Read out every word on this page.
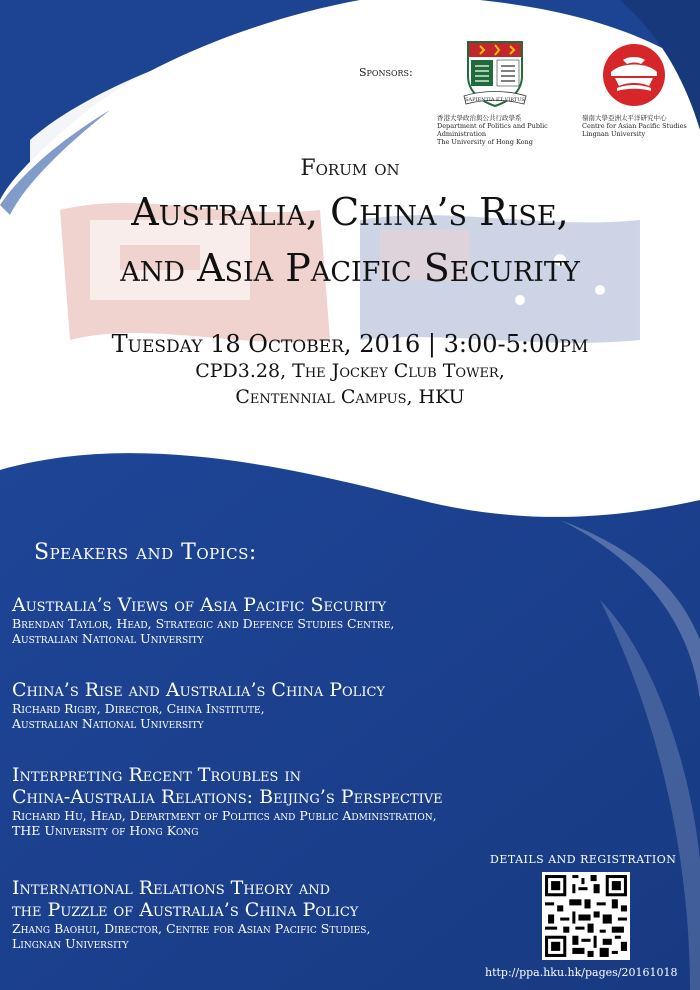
Sponsors:
SAPIENTIA ET VIRTUS
香港大學政治與公共行政學系
Department of Politics and Public Administration
The University of Hong Kong
嶺南大學亞洲太平洋研究中心
Centre for Asian Pacific Studies
Lingnan University
Forum on
Australia, China’s Rise,
and Asia Pacific Security
Tuesday 18 October, 2016 | 3:00-5:00pm
CPD3.28, The Jockey Club Tower,
Centennial Campus, HKU
Speakers and Topics:
Australia’s Views of Asia Pacific Security
Brendan Taylor, Head, Strategic and Defence Studies Centre,
Australian National University
China’s Rise and Australia’s China Policy
Richard Rigby, Director, China Institute,
Australian National University
Interpreting Recent Troubles in
China-Australia Relations: Beijing’s Perspective
Richard Hu, Head, Department of Politics and Public Administration,
THE University of Hong Kong
International Relations Theory and
the Puzzle of Australia’s China Policy
Zhang Baohui, Director, Centre for Asian Pacific Studies,
Lingnan University
DETAILS AND REGISTRATION
http://ppa.hku.hk/pages/20161018
